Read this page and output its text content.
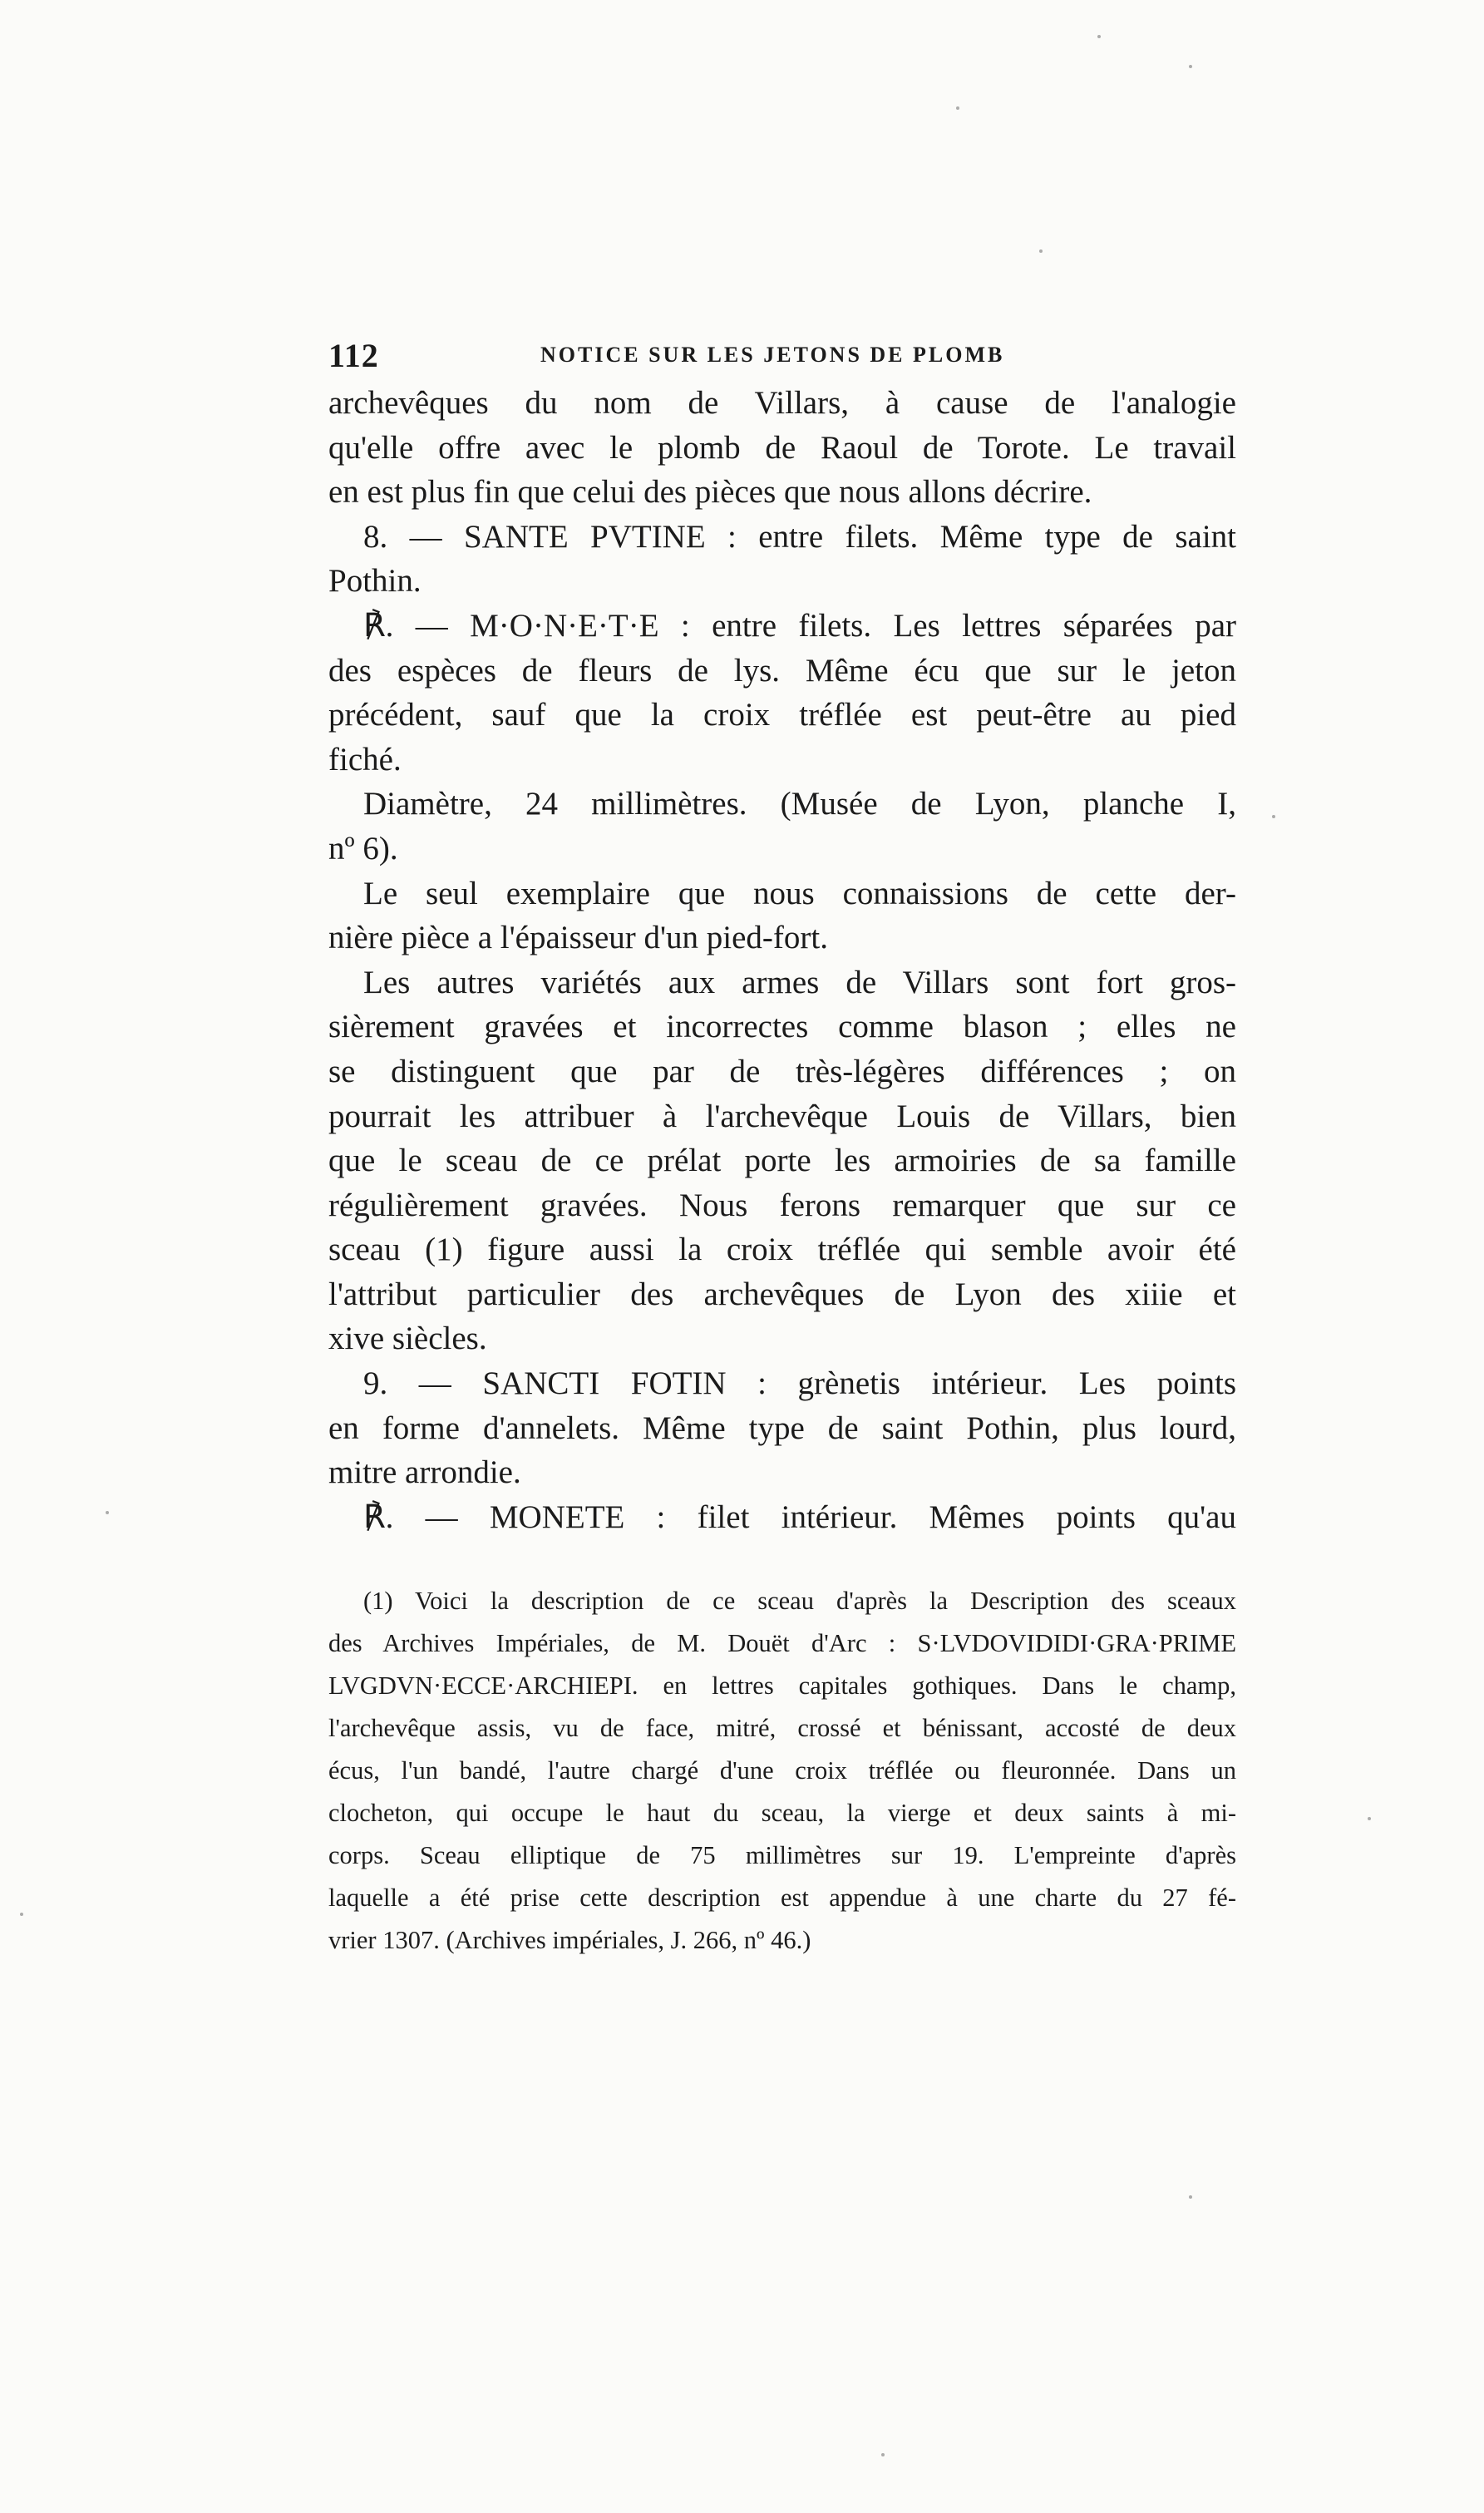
112	NOTICE SUR LES JETONS DE PLOMB
archevêques du nom de Villars, à cause de l'analogie
qu'elle offre avec le plomb de Raoul de Torote. Le travail
en est plus fin que celui des pièces que nous allons décrire.
8. — SANTE PVTINE : entre filets. Même type de saint
Pothin.
℟. — M·O·N·E·T·E : entre filets. Les lettres séparées par
des espèces de fleurs de lys. Même écu que sur le jeton
précédent, sauf que la croix tréflée est peut-être au pied
fiché.
Diamètre, 24 millimètres. (Musée de Lyon, planche I,
nº 6).
Le seul exemplaire que nous connaissions de cette der-
nière pièce a l'épaisseur d'un pied-fort.
Les autres variétés aux armes de Villars sont fort gros-
sièrement gravées et incorrectes comme blason ; elles ne
se distinguent que par de très-légères différences ; on
pourrait les attribuer à l'archevêque Louis de Villars, bien
que le sceau de ce prélat porte les armoiries de sa famille
régulièrement gravées. Nous ferons remarquer que sur ce
sceau (1) figure aussi la croix tréflée qui semble avoir été
l'attribut particulier des archevêques de Lyon des xiiie et
xive siècles.
9. — SANCTI FOTIN : grènetis intérieur. Les points
en forme d'annelets. Même type de saint Pothin, plus lourd,
mitre arrondie.
℟. — MONETE : filet intérieur. Mêmes points qu'au
(1) Voici la description de ce sceau d'après la Description des sceaux
des Archives Impériales, de M. Douët d'Arc : S·LVDOVIDIDI·GRA·PRIME
LVGDVN·ECCE·ARCHIEPI. en lettres capitales gothiques. Dans le champ,
l'archevêque assis, vu de face, mitré, crossé et bénissant, accosté de deux
écus, l'un bandé, l'autre chargé d'une croix tréflée ou fleuronnée. Dans un
clocheton, qui occupe le haut du sceau, la vierge et deux saints à mi-
corps. Sceau elliptique de 75 millimètres sur 19. L'empreinte d'après
laquelle a été prise cette description est appendue à une charte du 27 fé-
vrier 1307. (Archives impériales, J. 266, nº 46.)
